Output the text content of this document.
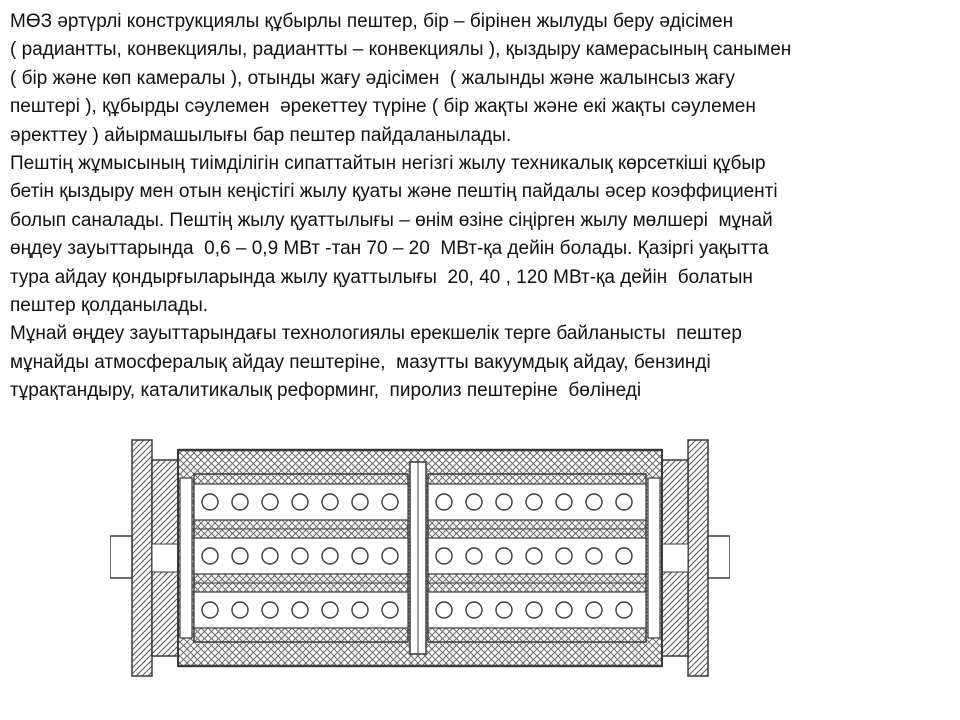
МӨЗ әртүрлі конструкциялы құбырлы пештер, бір – бірінен жылуды беру әдісімен
( радиантты, конвекциялы, радиантты – конвекциялы ), қыздыру камерасының санымен
( бір және көп камералы ), отынды жағу әдісімен  ( жалынды және жалынсыз жағу
пештері ), құбырды сәулемен  әрекеттеу түріне ( бір жақты және екі жақты сәулемен
әректтеу ) айырмашылығы бар пештер пайдаланылады.
Пештің жұмысының тиімділігін сипаттайтын негізгі жылу техникалық көрсеткіші құбыр
бетін қыздыру мен отын кеңістігі жылу қуаты және пештің пайдалы әсер коэффициенті
болып саналады. Пештің жылу қуаттылығы – өнім өзіне сіңірген жылу мөлшері  мұнай
өңдеу зауыттарында  0,6 – 0,9 МВт -тан 70 – 20  МВт-қа дейін болады. Қазіргі уақытта
тура айдау қондырғыларында жылу қуаттылығы  20, 40 , 120 МВт-қа дейін  болатын
пештер қолданылады.
Мұнай өңдеу зауыттарындағы технологиялы ерекшелік терге байланысты  пештер
мұнайды атмосфералық айдау пештеріне,  мазутты вакуумдық айдау, бензинді
тұрақтандыру, каталитикалық реформинг,  пиролиз пештеріне  бөлінеді
